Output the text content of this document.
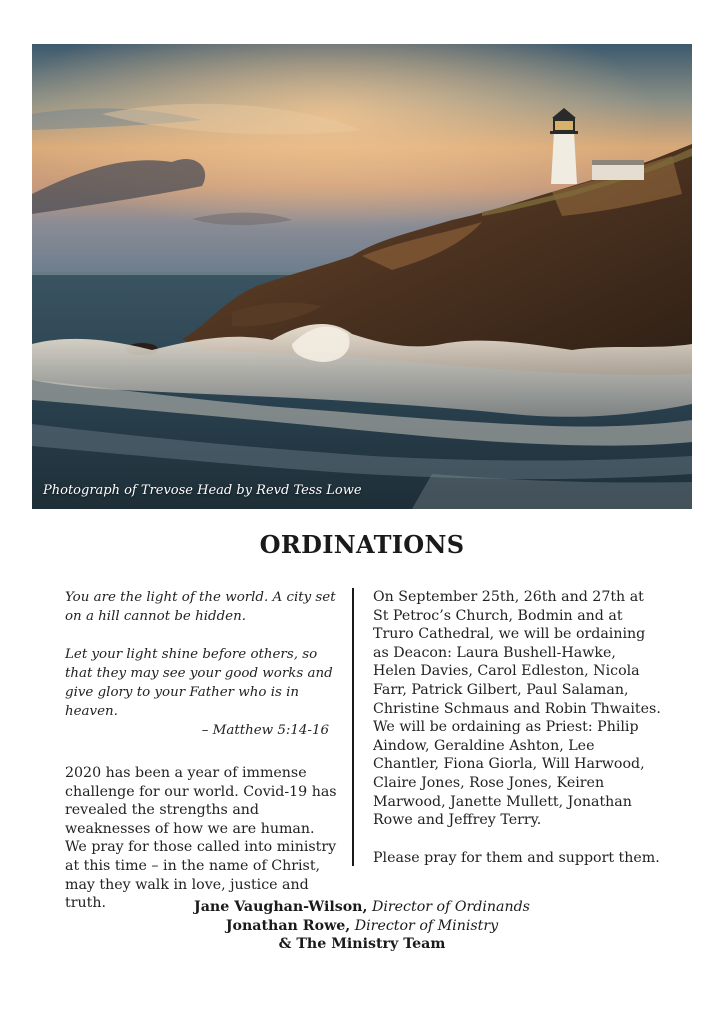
Photograph of Trevose Head by Revd Tess Lowe
ORDINATIONS

You are the light of the world. A city set on a hill cannot be hidden.

Let your light shine before others, so that they may see your good works and give glory to your Father who is in heaven.

– Matthew 5:14-16

2020 has been a year of immense challenge for our world. Covid-19 has revealed the strengths and weaknesses of how we are human. We pray for those called into ministry at this time – in the name of Christ, may they walk in love, justice and truth.

On September 25th, 26th and 27th at St Petroc’s Church, Bodmin and at Truro Cathedral, we will be ordaining as Deacon: Laura Bushell-Hawke, Helen Davies, Carol Edleston, Nicola Farr, Patrick Gilbert, Paul Salaman, Christine Schmaus and Robin Thwaites. We will be ordaining as Priest: Philip Aindow, Geraldine Ashton, Lee Chantler, Fiona Giorla, Will Harwood, Claire Jones, Rose Jones, Keiren Marwood, Janette Mullett, Jonathan Rowe and Jeffrey Terry.

Please pray for them and support them.

Jane Vaughan-Wilson, Director of Ordinands
Jonathan Rowe, Director of Ministry
& The Ministry Team
